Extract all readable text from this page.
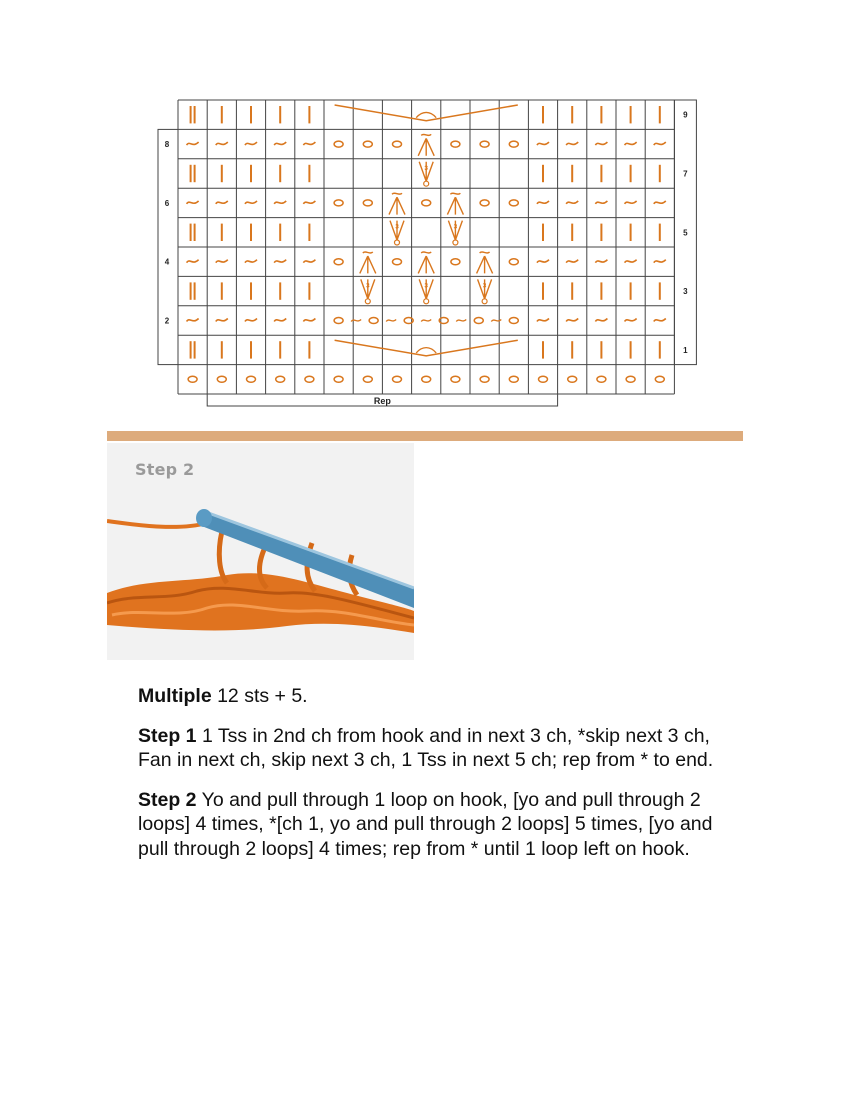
8
6
4
2
9
7
5
3
1
3
3	3
3	3	3
Rep
Step 2

Multiple 12 sts + 5.

Step 1 1 Tss in 2nd ch from hook and in next 3 ch, *skip next 3 ch, Fan in next ch, skip next 3 ch, 1 Tss in next 5 ch; rep from * to end.

Step 2 Yo and pull through 1 loop on hook, [yo and pull through 2 loops] 4 times, *[ch 1, yo and pull through 2 loops] 5 times, [yo and pull through 2 loops] 4 times; rep from * until 1 loop left on hook.
